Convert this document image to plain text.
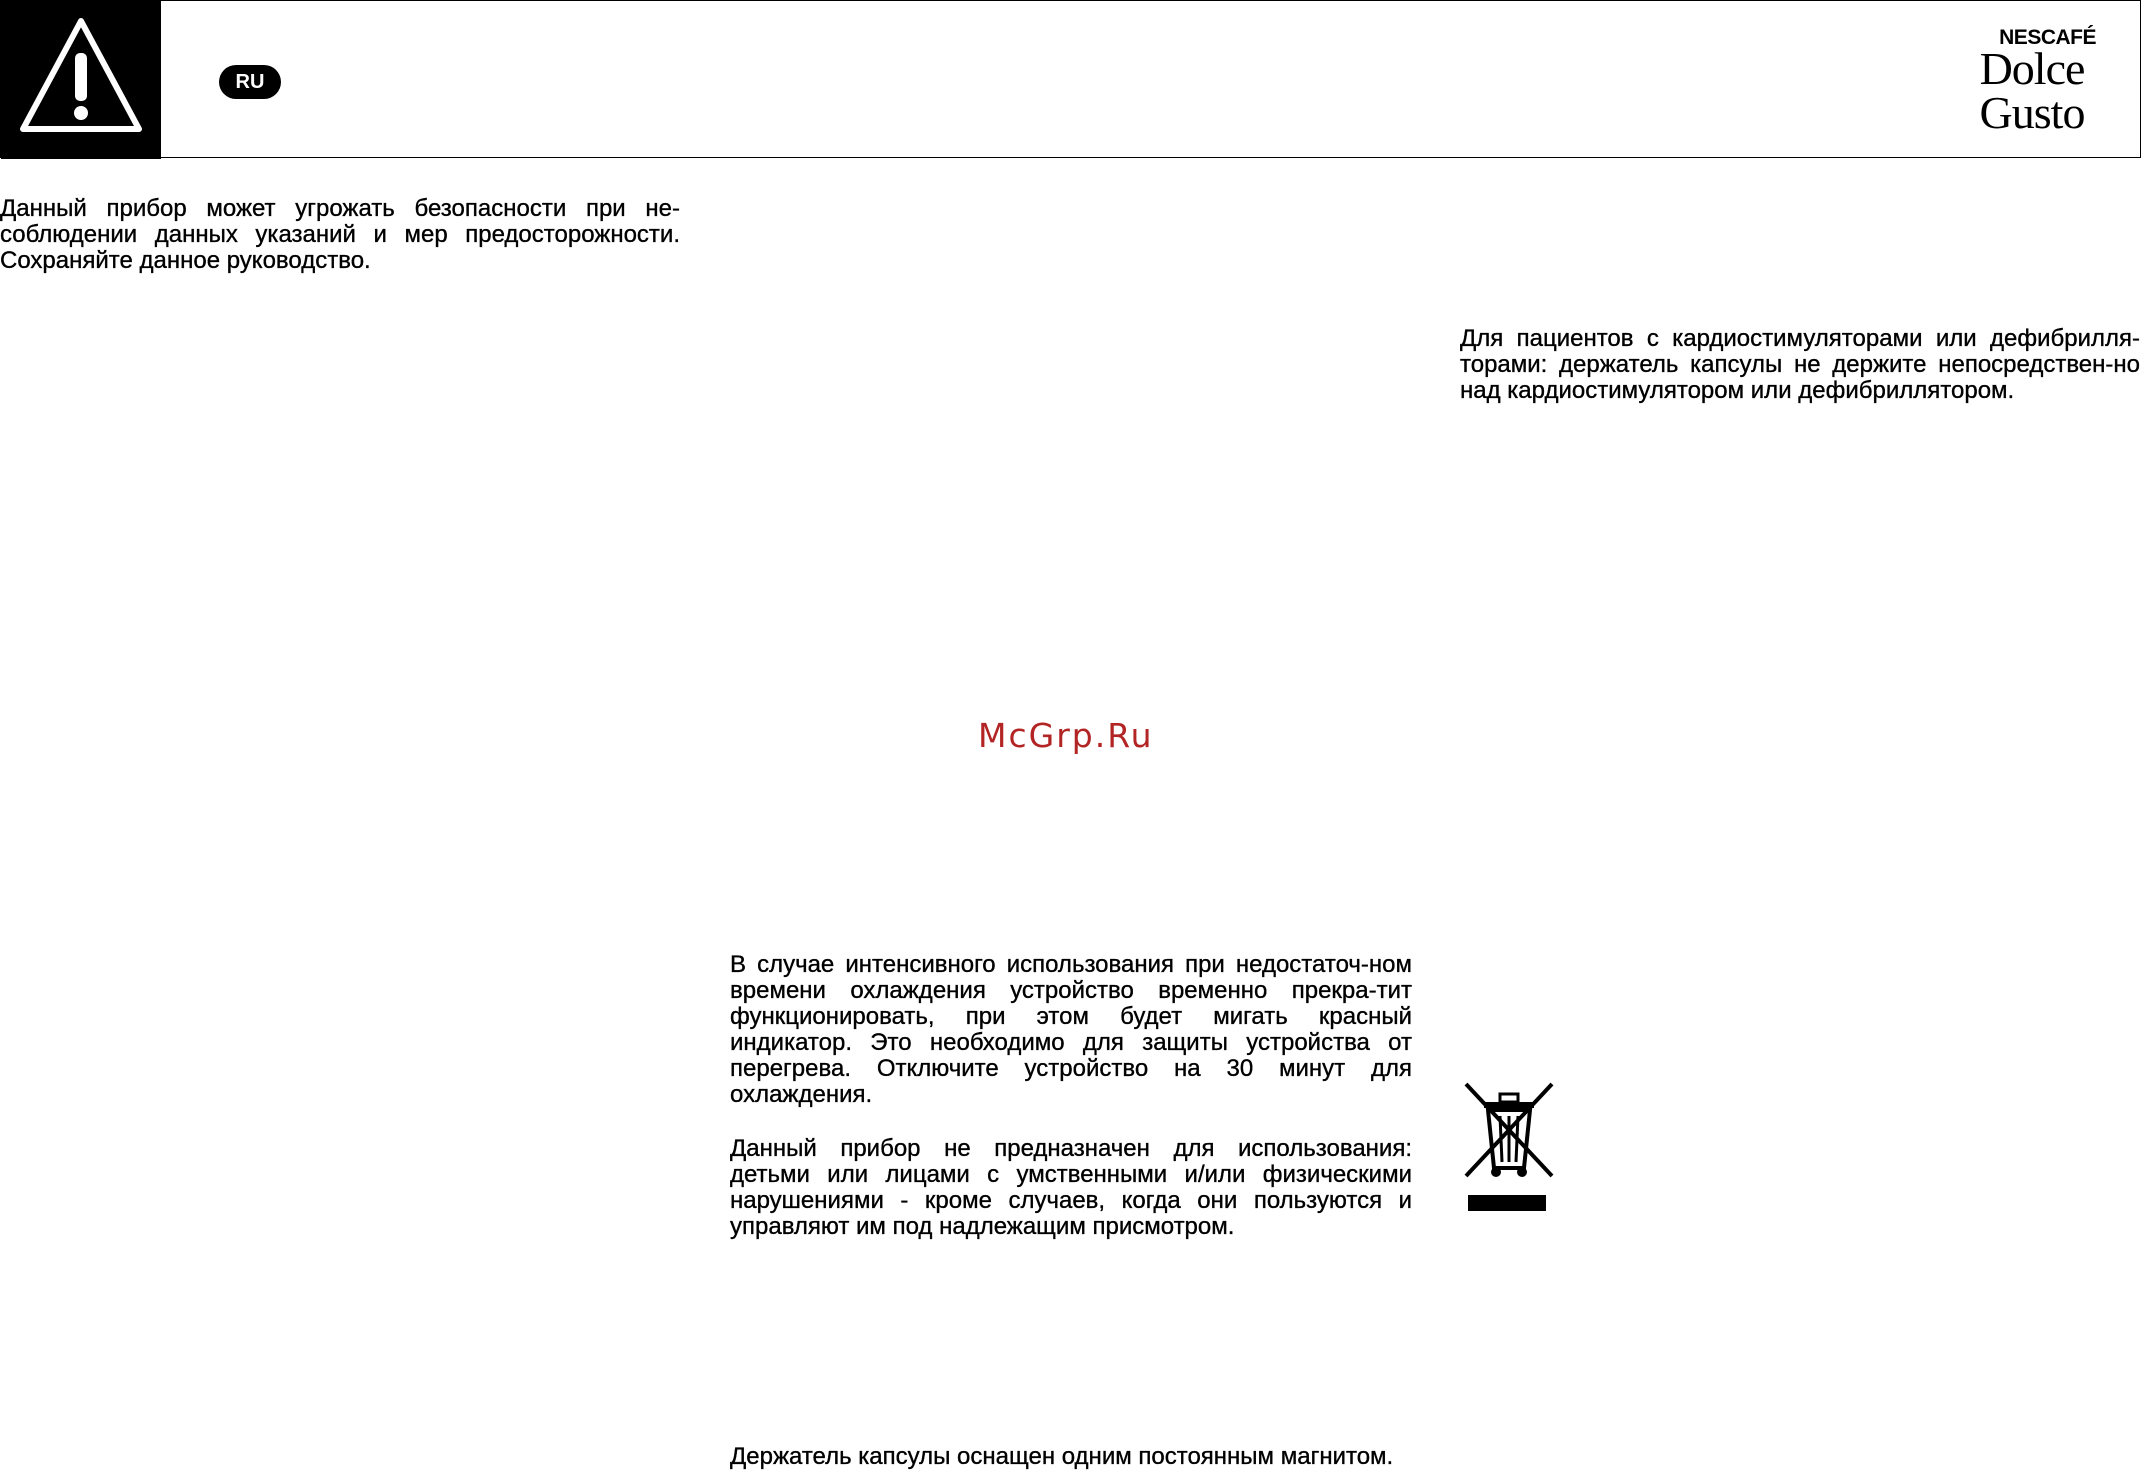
RU
NESCAFÉ
Dolce
Gusto

Данный прибор может угрожать безопасности при не-соблюдении данных указаний и мер предосторожности. Сохраняйте данное руководство.

Для пациентов с кардиостимуляторами или дефибрилля-торами: держатель капсулы не держите непосредствен-но над кардиостимулятором или дефибриллятором.

McGrp.Ru

В случае интенсивного использования при недостаточ-ном времени охлаждения устройство временно прекра-тит функционировать, при этом будет мигать красный индикатор. Это необходимо для защиты устройства от перегрева. Отключите устройство на 30 минут для охлаждения.

Данный прибор не предназначен для использования: детьми или лицами с умственными и/или физическими нарушениями - кроме случаев, когда они пользуются и управляют им под надлежащим присмотром.

Держатель капсулы оснащен одним постоянным магнитом.
